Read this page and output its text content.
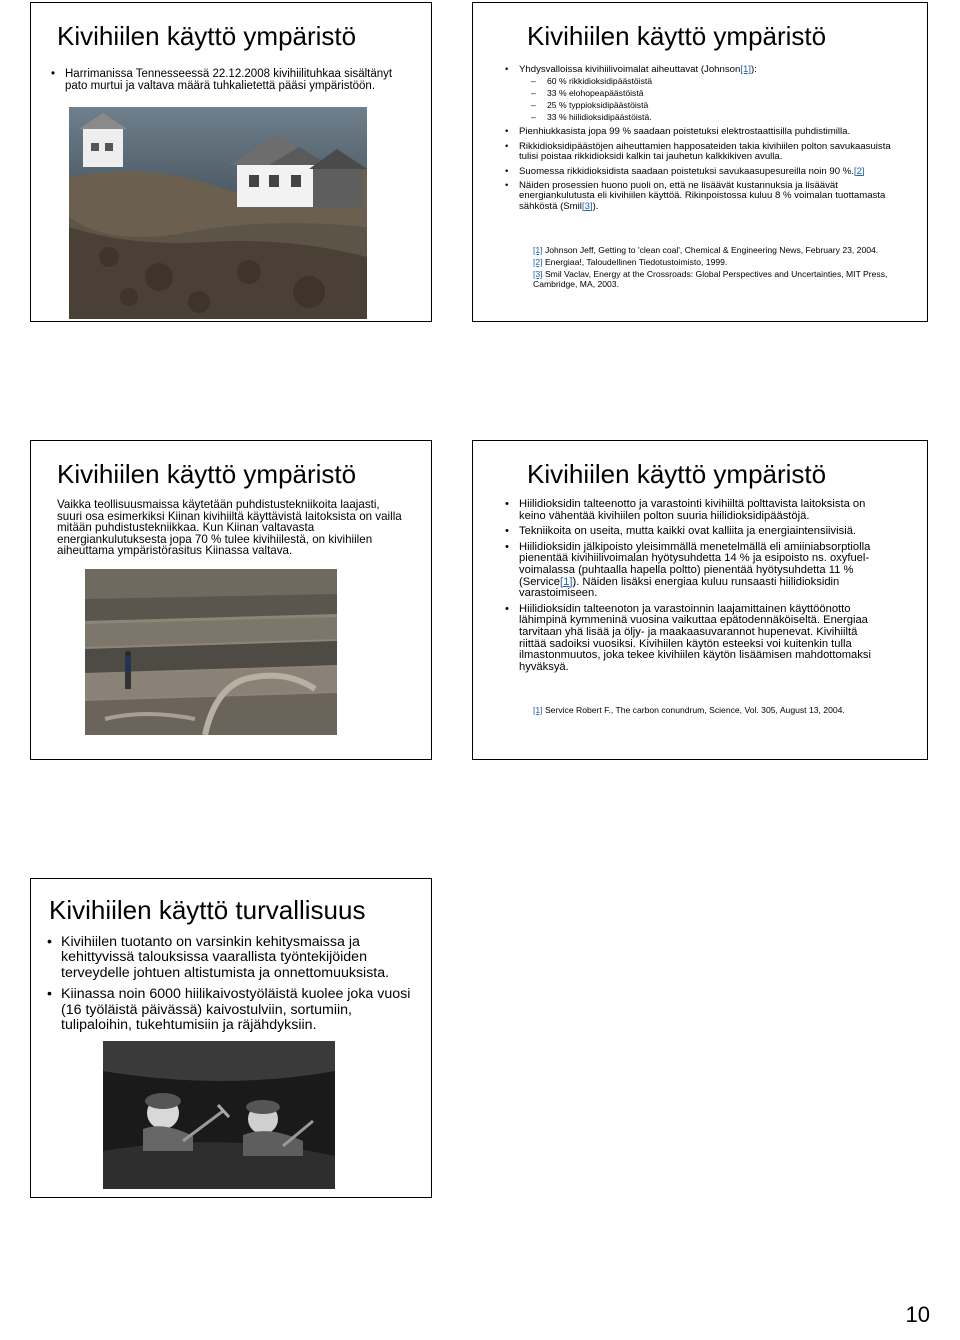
Kivihiilen käyttö ympäristö
• Harrimanissa Tennesseessä 22.12.2008 kivihiilituhkaa sisältänyt pato murtui ja valtava määrä tuhkalietettä pääsi ympäristöön.
Kivihiilen käyttö ympäristö
• Yhdysvalloissa kivihiilivoimalat aiheuttavat (Johnson[1]):
– 60 % rikkidioksidipäästöistä
– 33 % elohopeapäästöistä
– 25 % typpioksidipäästöistä
– 33 % hiilidioksidipäästöistä.
• Pienhiukkasista jopa 99 % saadaan poistetuksi elektrostaattisilla puhdistimilla.
• Rikkidioksidipäästöjen aiheuttamien happosateiden takia kivihiilen polton savukaasuista tulisi poistaa rikkidioksidi kalkin tai jauhetun kalkkikiven avulla.
• Suomessa rikkidioksidista saadaan poistetuksi savukaasupesureilla noin 90 %.[2]
• Näiden prosessien huono puoli on, että ne lisäävät kustannuksia ja lisäävät energiankulutusta eli kivihiilen käyttöä. Rikinpoistossa kuluu 8 % voimalan tuottamasta sähköstä (Smil[3]).

[1] Johnson Jeff, Getting to 'clean coal', Chemical & Engineering News, February 23, 2004.

[2] Energiaa!, Taloudellinen Tiedotustoimisto, 1999.

[3] Smil Vaclav, Energy at the Crossroads: Global Perspectives and Uncertainties, MIT Press, Cambridge, MA, 2003.

Kivihiilen käyttö ympäristö
Vaikka teollisuusmaissa käytetään puhdistustekniikoita laajasti, suuri osa esimerkiksi Kiinan kivihiiltä käyttävistä laitoksista on vailla mitään puhdistustekniikkaa. Kun Kiinan valtavasta energiankulutuksesta jopa 70 % tulee kivihiilestä, on kivihiilen aiheuttama ympäristörasitus Kiinassa valtava.
Kivihiilen käyttö ympäristö
• Hiilidioksidin talteenotto ja varastointi kivihiiltä polttavista laitoksista on keino vähentää kivihiilen polton suuria hiilidioksidipäästöjä.
• Tekniikoita on useita, mutta kaikki ovat kalliita ja energiaintensiivisiä.
• Hiilidioksidin jälkipoisto yleisimmällä menetelmällä eli amiiniabsorptiolla pienentää kivihiilivoimalan hyötysuhdetta 14 % ja esipoisto ns. oxyfuel-voimalassa (puhtaalla hapella poltto) pienentää hyötysuhdetta 11 % (Service[1]). Näiden lisäksi energiaa kuluu runsaasti hiilidioksidin varastoimiseen.
• Hiilidioksidin talteenoton ja varastoinnin laajamittainen käyttöönotto lähimpinä kymmeninä vuosina vaikuttaa epätodennäköiseltä. Energiaa tarvitaan yhä lisää ja öljy- ja maakaasuvarannot hupenevat. Kivihiiltä riittää sadoiksi vuosiksi. Kivihiilen käytön esteeksi voi kuitenkin tulla ilmastonmuutos, joka tekee kivihiilen käytön lisäämisen mahdottomaksi hyväksyä.

[1] Service Robert F., The carbon conundrum, Science, Vol. 305, August 13, 2004.

Kivihiilen käyttö turvallisuus
• Kivihiilen tuotanto on varsinkin kehitysmaissa ja kehittyvissä talouksissa vaarallista työntekijöiden terveydelle johtuen altistumista ja onnettomuuksista.
• Kiinassa noin 6000 hiilikaivostyöläistä kuolee joka vuosi (16 työläistä päivässä) kaivostulviin, sortumiin, tulipaloihin, tukehtumisiin ja räjähdyksiin.
10
